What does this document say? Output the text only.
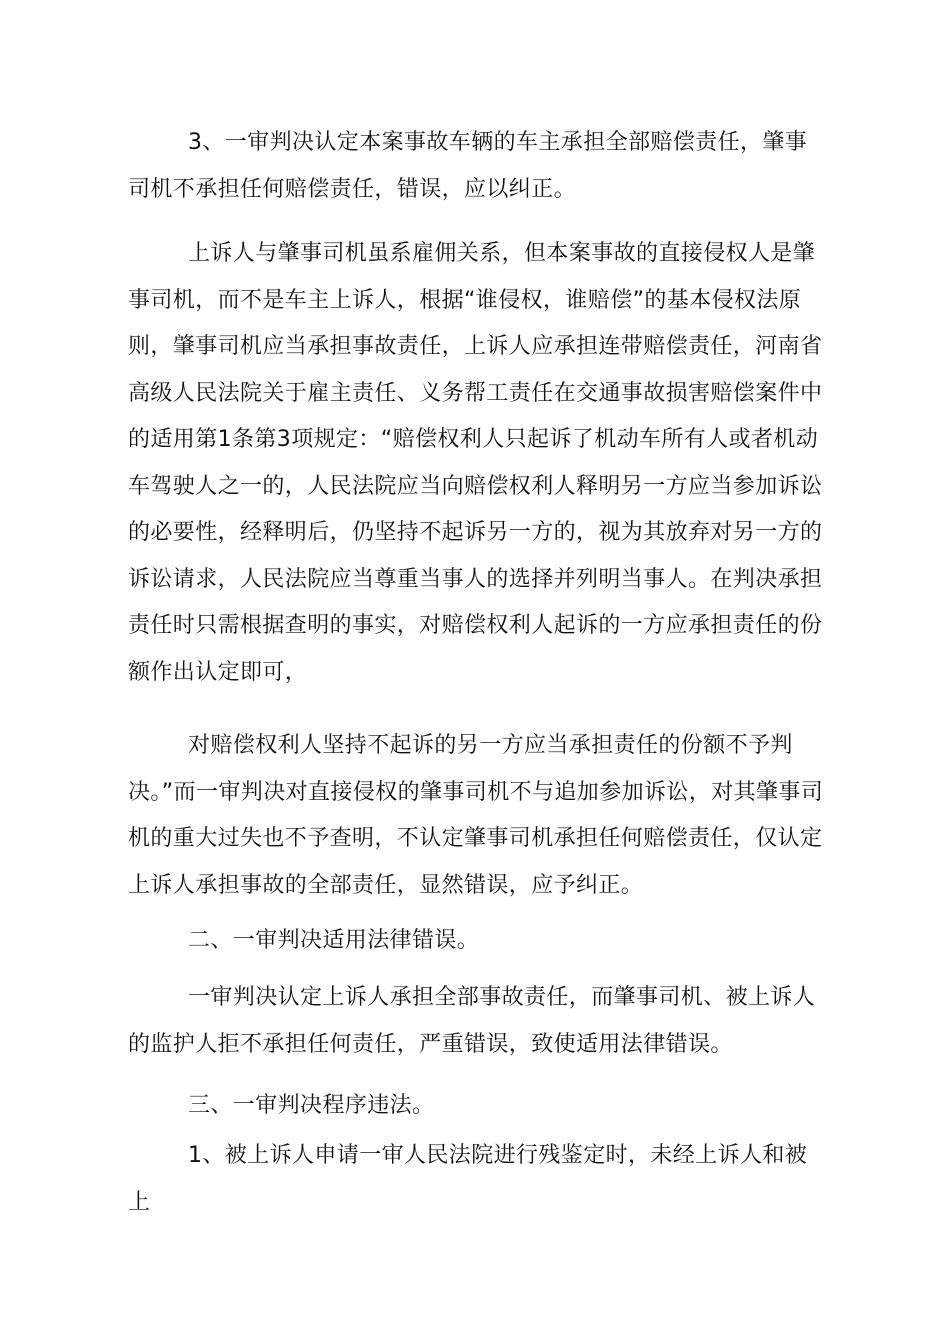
3、一审判决认定本案事故车辆的车主承担全部赔偿责任，肇事司机不承担任何赔偿责任，错误，应以纠正。

上诉人与肇事司机虽系雇佣关系，但本案事故的直接侵权人是肇事司机，而不是车主上诉人，根据“谁侵权，谁赔偿”的基本侵权法原则，肇事司机应当承担事故责任，上诉人应承担连带赔偿责任，河南省高级人民法院关于雇主责任、义务帮工责任在交通事故损害赔偿案件中的适用第1条第3项规定：“赔偿权利人只起诉了机动车所有人或者机动车驾驶人之一的，人民法院应当向赔偿权利人释明另一方应当参加诉讼的必要性，经释明后，仍坚持不起诉另一方的，视为其放弃对另一方的诉讼请求，人民法院应当尊重当事人的选择并列明当事人。在判决承担责任时只需根据查明的事实，对赔偿权利人起诉的一方应承担责任的份额作出认定即可，

对赔偿权利人坚持不起诉的另一方应当承担责任的份额不予判决。”而一审判决对直接侵权的肇事司机不与追加参加诉讼，对其肇事司机的重大过失也不予查明，不认定肇事司机承担任何赔偿责任，仅认定上诉人承担事故的全部责任，显然错误，应予纠正。

二、一审判决适用法律错误。

一审判决认定上诉人承担全部事故责任，而肇事司机、被上诉人的监护人拒不承担任何责任，严重错误，致使适用法律错误。

三、一审判决程序违法。

1、被上诉人申请一审人民法院进行残鉴定时，未经上诉人和被上
